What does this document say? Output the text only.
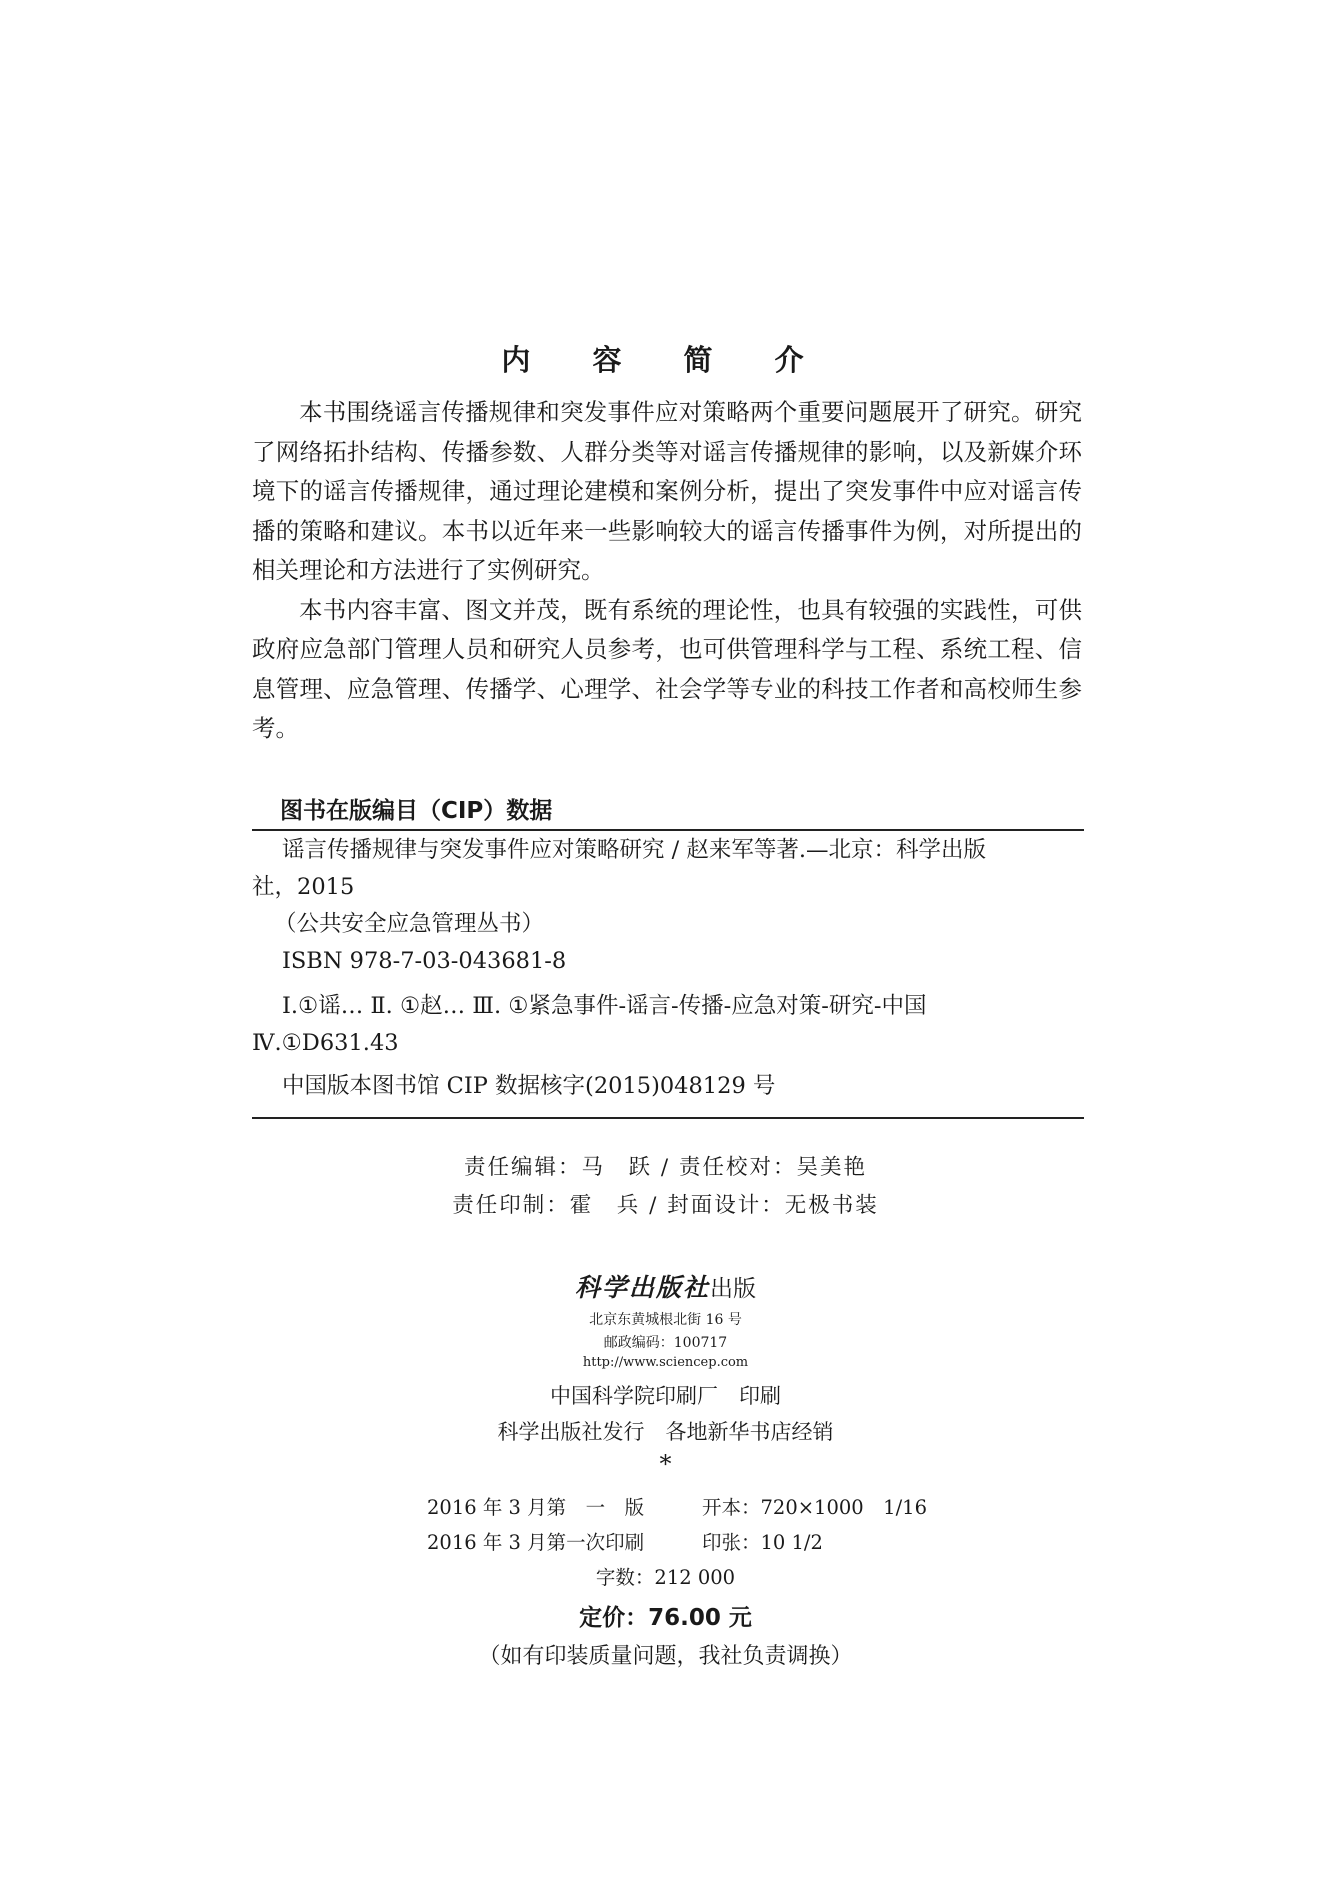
内 容 简 介

本书围绕谣言传播规律和突发事件应对策略两个重要问题展开了研究。研究了网络拓扑结构、传播参数、人群分类等对谣言传播规律的影响，以及新媒介环境下的谣言传播规律，通过理论建模和案例分析，提出了突发事件中应对谣言传播的策略和建议。本书以近年来一些影响较大的谣言传播事件为例，对所提出的相关理论和方法进行了实例研究。

本书内容丰富、图文并茂，既有系统的理论性，也具有较强的实践性，可供政府应急部门管理人员和研究人员参考，也可供管理科学与工程、系统工程、信息管理、应急管理、传播学、心理学、社会学等专业的科技工作者和高校师生参考。

图书在版编目（CIP）数据
谣言传播规律与突发事件应对策略研究 / 赵来军等著.—北京：科学出版
社，2015
（公共安全应急管理丛书）
ISBN 978-7-03-043681-8
Ⅰ.①谣… Ⅱ. ①赵… Ⅲ. ①紧急事件-谣言-传播-应急对策-研究-中国
Ⅳ.①D631.43
中国版本图书馆 CIP 数据核字(2015)048129 号
责任编辑：马　跃 / 责任校对：吴美艳
责任印制：霍　兵 / 封面设计：无极书装
科学出版社出版
北京东黄城根北街 16 号
邮政编码：100717
http://www.sciencep.com
中国科学院印刷厂　印刷
科学出版社发行　各地新华书店经销
*
2016 年 3 月第　一　版	开本：720×1000　1/16
2016 年 3 月第一次印刷	印张：10 1/2
字数：212 000
定价：76.00 元
（如有印装质量问题，我社负责调换）
